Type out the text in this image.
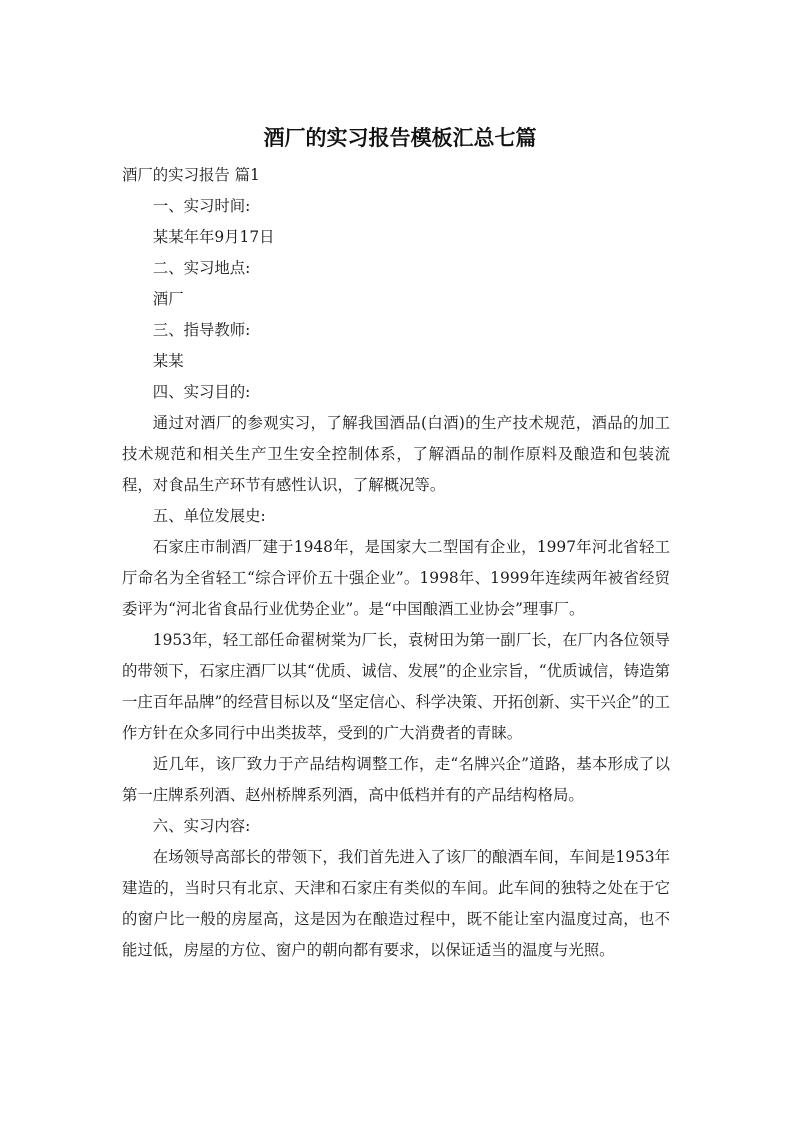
酒厂的实习报告模板汇总七篇

酒厂的实习报告 篇1

一、实习时间:

某某年年9月17日

二、实习地点:

酒厂

三、指导教师:

某某

四、实习目的:

通过对酒厂的参观实习，了解我国酒品(白酒)的生产技术规范，酒品的加工技术规范和相关生产卫生安全控制体系，了解酒品的制作原料及酿造和包装流程，对食品生产环节有感性认识，了解概况等。

五、单位发展史:

石家庄市制酒厂建于1948年，是国家大二型国有企业，1997年河北省轻工厅命名为全省轻工“综合评价五十强企业”。1998年、1999年连续两年被省经贸委评为“河北省食品行业优势企业”。是“中国酿酒工业协会”理事厂。

1953年，轻工部任命翟树棠为厂长，袁树田为第一副厂长，在厂内各位领导的带领下，石家庄酒厂以其“优质、诚信、发展”的企业宗旨，“优质诚信，铸造第一庄百年品牌”的经营目标以及“坚定信心、科学决策、开拓创新、实干兴企”的工作方针在众多同行中出类拔萃，受到的广大消费者的青睐。

近几年，该厂致力于产品结构调整工作，走“名牌兴企”道路，基本形成了以第一庄牌系列酒、赵州桥牌系列酒，高中低档并有的产品结构格局。

六、实习内容:

在场领导高部长的带领下，我们首先进入了该厂的酿酒车间，车间是1953年建造的，当时只有北京、天津和石家庄有类似的车间。此车间的独特之处在于它的窗户比一般的房屋高，这是因为在酿造过程中，既不能让室内温度过高，也不能过低，房屋的方位、窗户的朝向都有要求，以保证适当的温度与光照。
